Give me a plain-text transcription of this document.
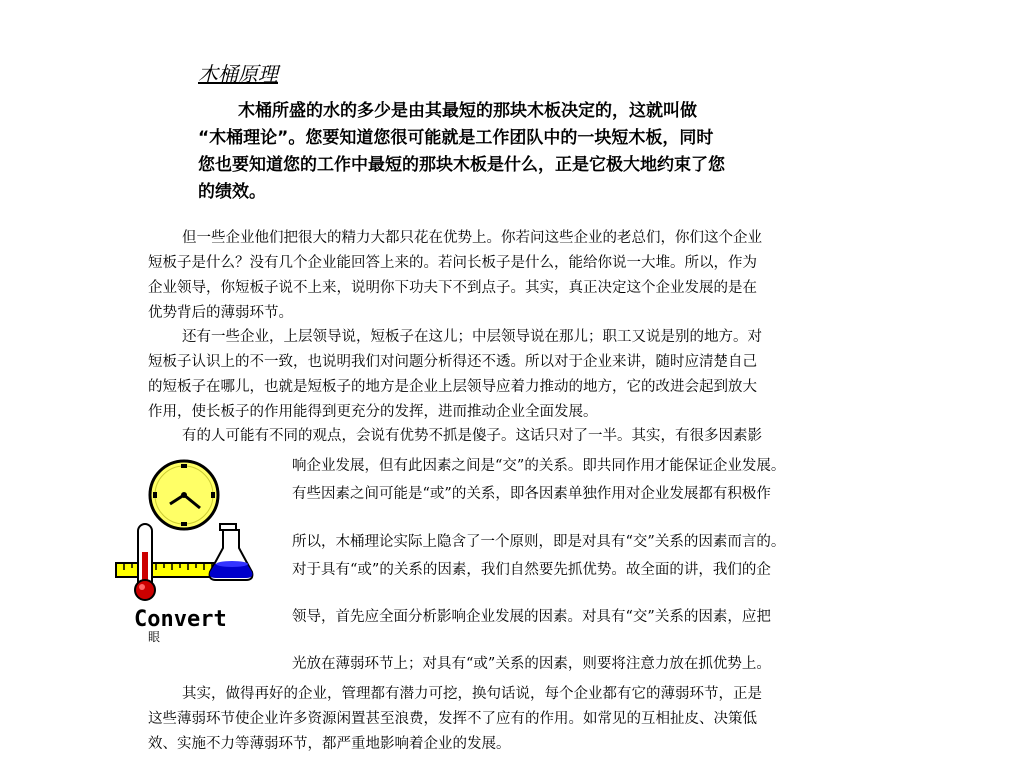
木桶原理
木桶所盛的水的多少是由其最短的那块木板决定的，这就叫做
“木桶理论”。您要知道您很可能就是工作团队中的一块短木板，同时
您也要知道您的工作中最短的那块木板是什么，正是它极大地约束了您
的绩效。
但一些企业他们把很大的精力大都只花在优势上。你若问这些企业的老总们，你们这个企业
短板子是什么？没有几个企业能回答上来的。若问长板子是什么，能给你说一大堆。所以，作为
企业领导，你短板子说不上来，说明你下功夫下不到点子。其实，真正决定这个企业发展的是在
优势背后的薄弱环节。
还有一些企业，上层领导说，短板子在这儿；中层领导说在那儿；职工又说是别的地方。对
短板子认识上的不一致，也说明我们对问题分析得还不透。所以对于企业来讲，随时应清楚自己
的短板子在哪儿，也就是短板子的地方是企业上层领导应着力推动的地方，它的改进会起到放大
作用，使长板子的作用能得到更充分的发挥，进而推动企业全面发展。
有的人可能有不同的观点，会说有优势不抓是傻子。这话只对了一半。其实，有很多因素影
响企业发展，但有此因素之间是“交”的关系。即共同作用才能保证企业发展。
有些因素之间可能是“或”的关系，即各因素单独作用对企业发展都有积极作
所以，木桶理论实际上隐含了一个原则，即是对具有“交”关系的因素而言的。
对于具有“或”的关系的因素，我们自然要先抓优势。故全面的讲，我们的企
领导，首先应全面分析影响企业发展的因素。对具有“交”关系的因素，应把
光放在薄弱环节上；对具有“或”关系的因素，则要将注意力放在抓优势上。
眼
Convert
其实，做得再好的企业，管理都有潜力可挖，换句话说，每个企业都有它的薄弱环节，正是
这些薄弱环节使企业许多资源闲置甚至浪费，发挥不了应有的作用。如常见的互相扯皮、决策低
效、实施不力等薄弱环节，都严重地影响着企业的发展。
